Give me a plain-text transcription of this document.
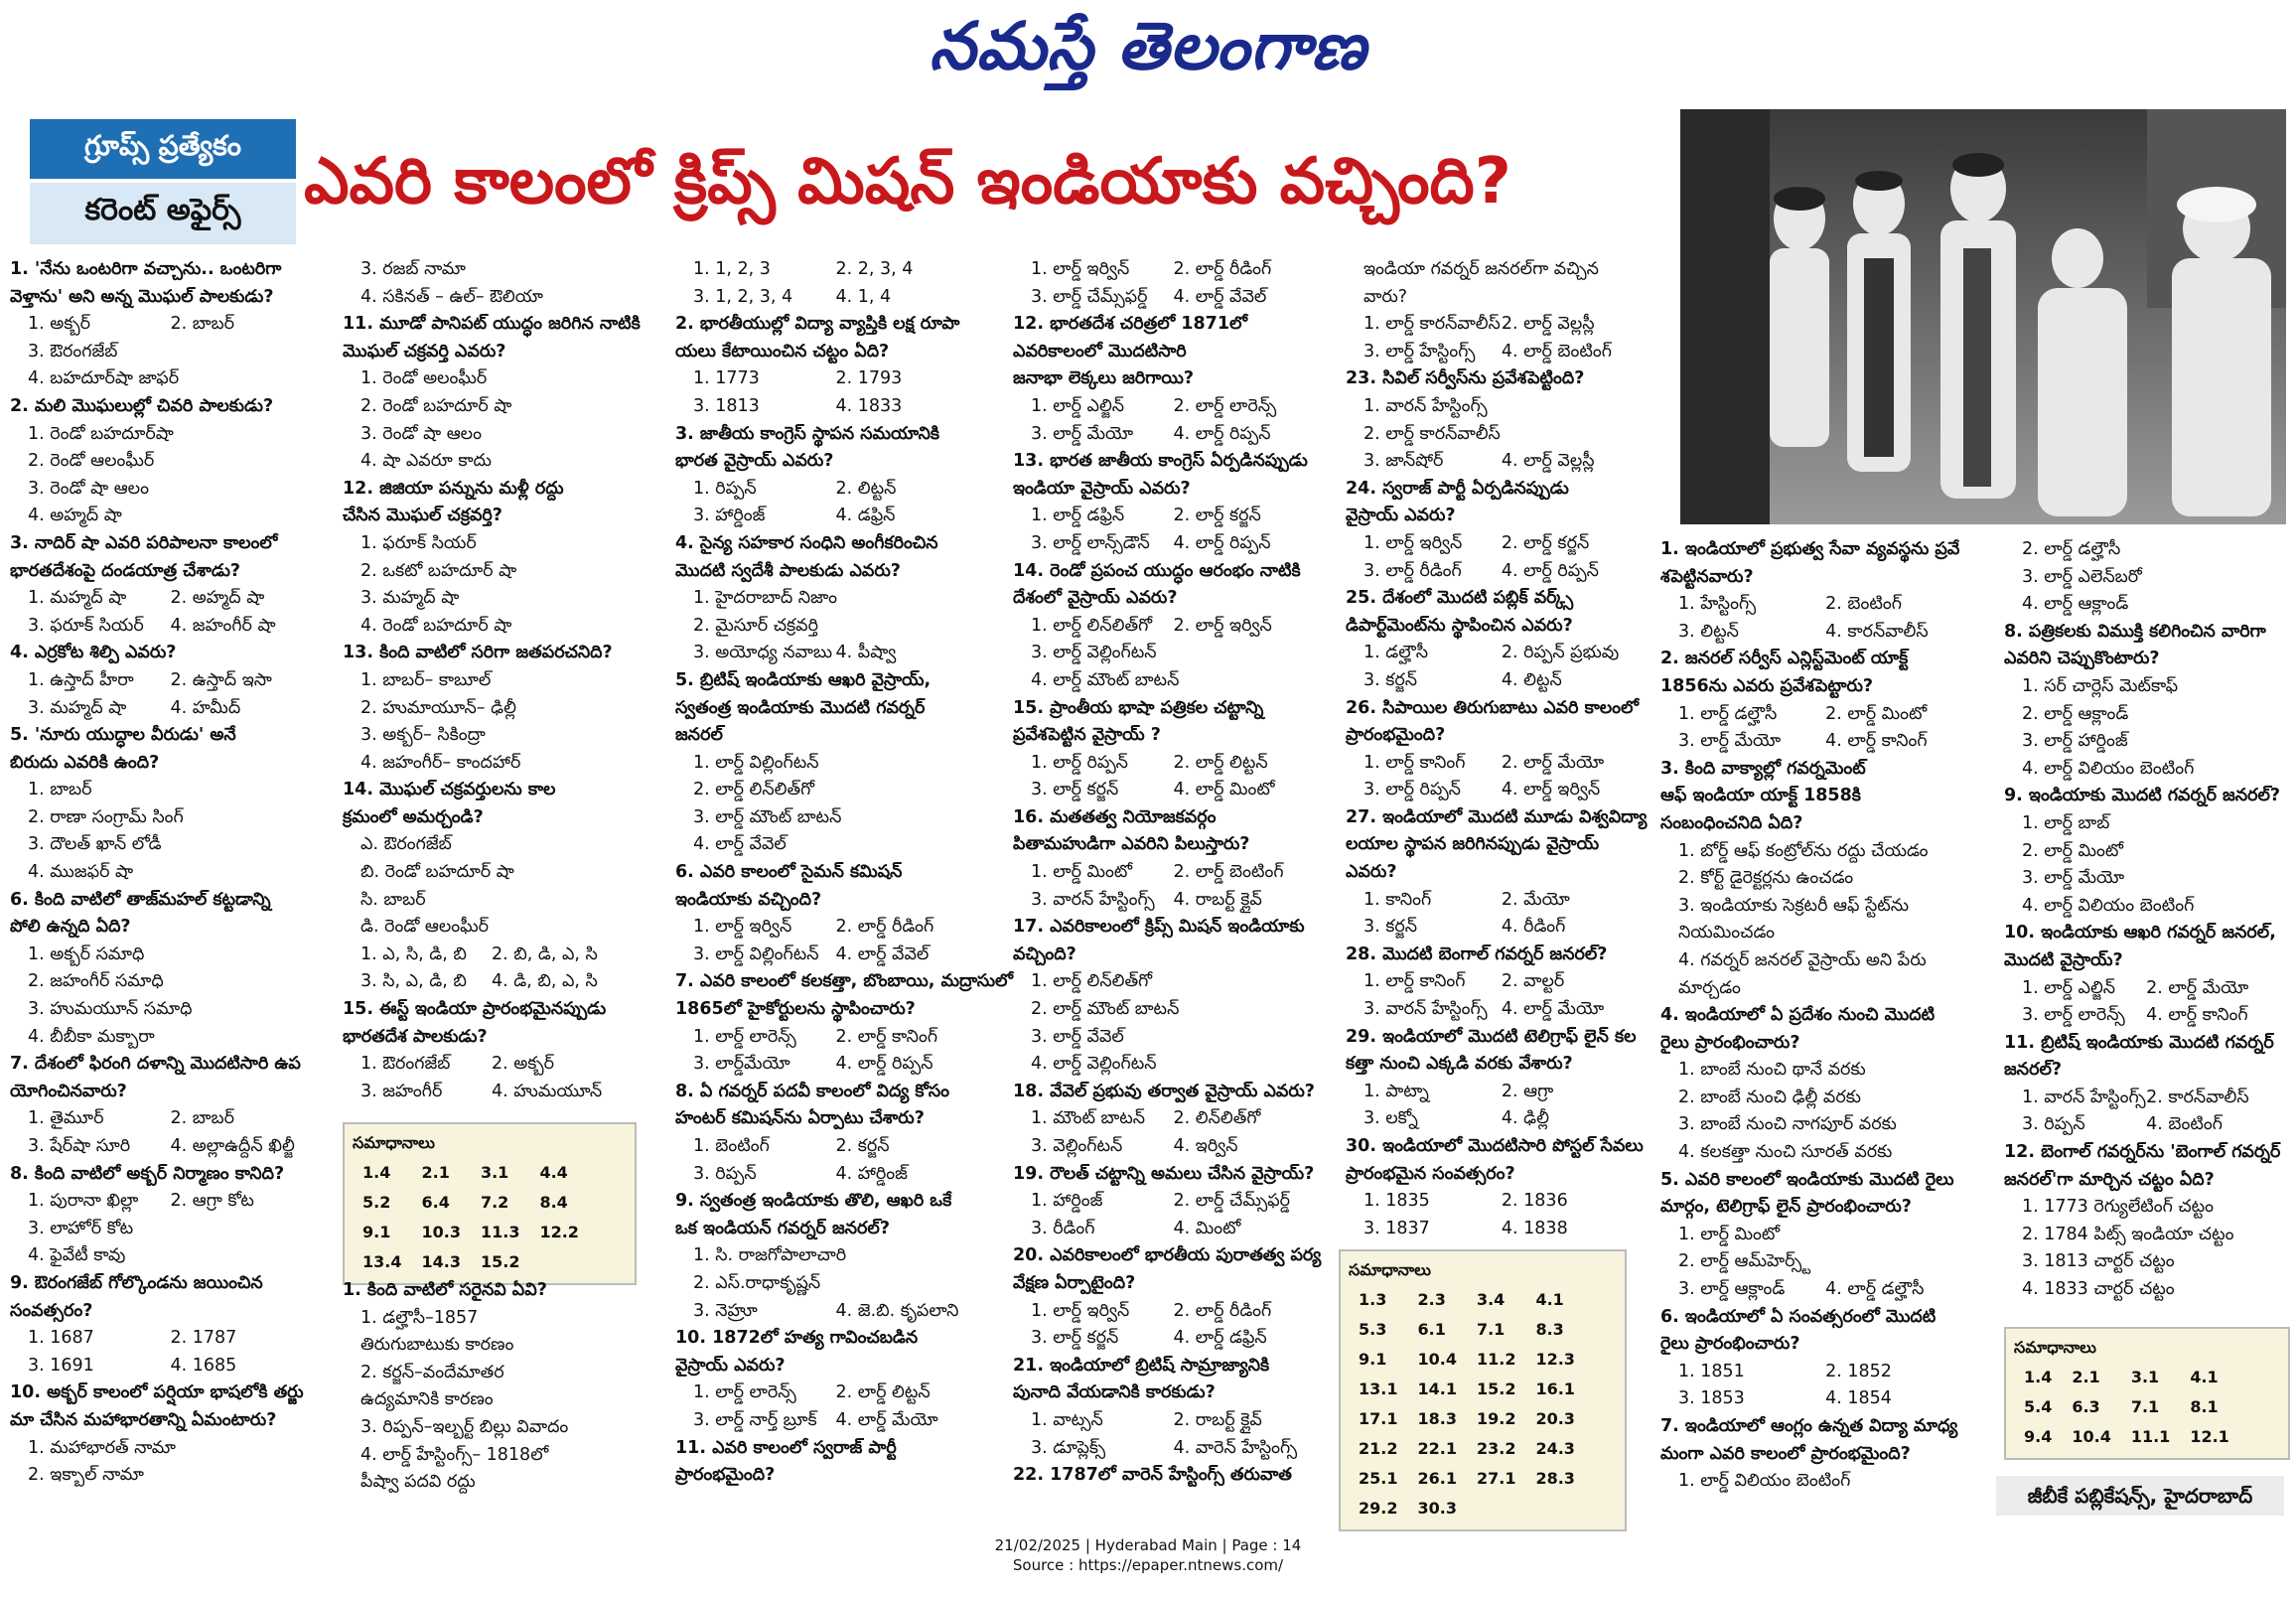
నమస్తే తెలంగాణ
గ్రూప్స్ ప్రత్యేకం
కరెంట్ అఫైర్స్ ఎవరి కాలంలో క్రిప్స్ మిషన్ ఇండియాకు వచ్చింది?

1. 'నేను ఒంటరిగా వచ్చాను.. ఒంటరిగా

వెళ్తాను' అని అన్న మొఘల్ పాలకుడు?

1. అక్బర్	2. బాబర్

3. ఔరంగజేబ్

4. బహదూర్‌షా జాఫర్

2. మలి మొఘలుల్లో చివరి పాలకుడు?

1. రెండో బహదూర్‌షా

2. రెండో ఆలంఘీర్

3. రెండో షా ఆలం

4. అహ్మద్ షా

3. నాదిర్ షా ఎవరి పరిపాలనా కాలంలో

భారతదేశంపై దండయాత్ర చేశాడు?

1. మహ్మద్ షా	2. అహ్మద్ షా

3. ఫరూక్ సియర్ 4. జహంగీర్ షా

4. ఎర్రకోట శిల్పి ఎవరు?

1. ఉస్తాద్ హీరా 2. ఉస్తాద్ ఇసా

3. మహ్మద్ షా	4. హమీద్

5. 'నూరు యుద్ధాల వీరుడు' అనే

బిరుదు ఎవరికి ఉంది?

1. బాబర్

2. రాణా సంగ్రామ్ సింగ్

3. దౌలత్ ఖాన్ లోడీ

4. ముజఫర్ షా

6. కింది వాటిలో తాజ్‌మహల్ కట్టడాన్ని

పోలి ఉన్నది ఏది?

1. అక్బర్ సమాధి

2. జహంగీర్ సమాధి

3. హుమయూన్ సమాధి

4. బీబీకా మక్బారా

7. దేశంలో ఫిరంగి దళాన్ని మొదటిసారి ఉప

యోగించినవారు?

1. తైమూర్	2. బాబర్

3. షేర్‌షా సూరి 4. అల్లాఉద్దీన్ ఖిల్జీ

8. కింది వాటిలో అక్బర్ నిర్మాణం కానిది?

1. పురానా ఖిల్లా 2. ఆగ్రా కోట

3. లాహోర్ కోట

4. ఫైవేటీ కావు

9. ఔరంగజేబ్ గోల్కొండను జయించిన

సంవత్సరం?

1. 1687	2. 1787

3. 1691	4. 1685

10. అక్బర్ కాలంలో పర్షియా భాషలోకి తర్జు

మా చేసిన మహాభారతాన్ని ఏమంటారు?

1. మహాభారత్ నామా

2. ఇక్బాల్ నామా

3. రజబ్ నామా

4. సకినత్ – ఉల్– ఔలియా

11. మూడో పానిపట్ యుద్ధం జరిగిన నాటికి

మొఘల్ చక్రవర్తి ఎవరు?

1. రెండో అలంఘీర్

2. రెండో బహదూర్ షా

3. రెండో షా ఆలం

4. షా ఎవరూ కాదు

12. జిజియా పన్నును మళ్లీ రద్దు

చేసిన మొఘల్ చక్రవర్తి?

1. ఫరూక్ సియర్

2. ఒకటో బహదూర్ షా

3. మహ్మద్ షా

4. రెండో బహదూర్ షా

13. కింది వాటిలో సరిగా జతపరచనిది?

1. బాబర్– కాబూల్

2. హుమాయూన్– ఢిల్లీ

3. అక్బర్– సికింద్రా

4. జహంగీర్– కాందహార్

14. మొఘల్ చక్రవర్తులను కాల

క్రమంలో అమర్చండి?

ఎ. ఔరంగజేబ్

బి. రెండో బహదూర్ షా

సి. బాబర్

డి. రెండో ఆలంఘీర్

1. ఎ, సి, డి, బి 2. బి, డి, ఎ, సి

3. సి, ఎ, డి, బి 4. డి, బి, ఎ, సి

15. ఈస్ట్ ఇండియా ప్రారంభమైనప్పుడు

భారతదేశ పాలకుడు?

1. ఔరంగజేబ్ 2. అక్బర్

3. జహంగీర్	4. హుమయూన్

సమాధానాలు
1.4	2.1	3.1	4.4
5.2	6.4	7.2	8.4
9.1	10.3	11.3	12.2
13.4	14.3	15.2	

1. కింది వాటిలో సరైనవి ఏవి?

1. డల్హౌసీ–1857

తిరుగుబాటుకు కారణం

2. కర్జన్–వందేమాతర

ఉద్యమానికి కారణం

3. రిప్పన్–ఇల్బర్ట్ బిల్లు వివాదం

4. లార్డ్ హేస్టింగ్స్– 1818లో

పీష్వా పదవి రద్దు

1. 1, 2, 3	2. 2, 3, 4

3. 1, 2, 3, 4 4. 1, 4

2. భారతీయుల్లో విద్యా వ్యాప్తికి లక్ష రూపా

యలు కేటాయించిన చట్టం ఏది?

1. 1773	2. 1793

3. 1813	4. 1833

3. జాతీయ కాంగ్రెస్ స్థాపన సమయానికి

భారత వైస్రాయ్ ఎవరు?

1. రిప్పన్	2. లిట్టన్

3. హార్డింజ్	4. డఫ్రిన్

4. సైన్య సహకార సంధిని అంగీకరించిన

మొదటి స్వదేశీ పాలకుడు ఎవరు?

1. హైదరాబాద్ నిజాం

2. మైసూర్ చక్రవర్తి

3. అయోధ్య నవాబు 4. పీష్వా

5. బ్రిటిష్ ఇండియాకు ఆఖరి వైస్రాయ్,

స్వతంత్ర ఇండియాకు మొదటి గవర్నర్

జనరల్

1. లార్డ్ విల్లింగ్‌టన్

2. లార్డ్ లిన్‌లిత్‌గో

3. లార్డ్ మౌంట్ బాటన్

4. లార్డ్ వేవెల్

6. ఎవరి కాలంలో సైమన్ కమిషన్

ఇండియాకు వచ్చింది?

1. లార్డ్ ఇర్విన్	2. లార్డ్ రీడింగ్

3. లార్డ్ విల్లింగ్‌టన్ 4. లార్డ్ వేవెల్

7. ఎవరి కాలంలో కలకత్తా, బొంబాయి, మద్రాసులో

1865లో హైకోర్టులను స్థాపించారు?

1. లార్డ్ లారెన్స్ 2. లార్డ్ కానింగ్

3. లార్డ్‌మేయో	4. లార్డ్ రిప్పన్

8. ఏ గవర్నర్ పదవీ కాలంలో విద్య కోసం

హంటర్ కమిషన్‌ను ఏర్పాటు చేశారు?

1. బెంటింగ్	2. కర్జన్

3. రిప్పన్	4. హార్డింజ్

9. స్వతంత్ర ఇండియాకు తొలి, ఆఖరి ఒకే

ఒక ఇండియన్ గవర్నర్ జనరల్?

1. సి. రాజగోపాలాచారి

2. ఎస్.రాధాకృష్ణన్

3. నెహ్రూ	4. జె.బి. కృపలాని

10. 1872లో హత్య గావించబడిన

వైస్రాయ్ ఎవరు?

1. లార్డ్ లారెన్స్ 2. లార్డ్ లిట్టన్

3. లార్డ్ నార్త్ బ్రూక్ 4. లార్డ్ మేయో

11. ఎవరి కాలంలో స్వరాజ్ పార్టీ

ప్రారంభమైంది?

1. లార్డ్ ఇర్విన్	2. లార్డ్ రీడింగ్

3. లార్డ్ చేమ్స్‌ఫర్డ్ 4. లార్డ్ వేవెల్

12. భారతదేశ చరిత్రలో 1871లో

ఎవరికాలంలో మొదటిసారి

జనాభా లెక్కలు జరిగాయి?

1. లార్డ్ ఎల్జిన్	2. లార్డ్ లారెన్స్

3. లార్డ్ మేయో 4. లార్డ్ రిప్పన్

13. భారత జాతీయ కాంగ్రెస్ ఏర్పడినప్పుడు

ఇండియా వైస్రాయ్ ఎవరు?

1. లార్డ్ డఫ్రిన్	2. లార్డ్ కర్జన్

3. లార్డ్ లాన్స్‌డౌన్ 4. లార్డ్ రిప్పన్

14. రెండో ప్రపంచ యుద్ధం ఆరంభం నాటికి

దేశంలో వైస్రాయ్ ఎవరు?

1. లార్డ్ లిన్‌లిత్‌గో 2. లార్డ్ ఇర్విన్

3. లార్డ్ వెల్లింగ్‌టన్

4. లార్డ్ మౌంట్ బాటన్

15. ప్రాంతీయ భాషా పత్రికల చట్టాన్ని

ప్రవేశపెట్టిన వైస్రాయ్ ?

1. లార్డ్ రిప్పన్	2. లార్డ్ లిట్టన్

3. లార్డ్ కర్జన్	4. లార్డ్ మింటో

16. మతతత్వ నియోజకవర్గం

పితామహుడిగా ఎవరిని పిలుస్తారు?

1. లార్డ్ మింటో 2. లార్డ్ బెంటింగ్

3. వారన్ హేస్టింగ్స్ 4. రాబర్ట్ క్లైవ్

17. ఎవరికాలంలో క్రిప్స్ మిషన్ ఇండియాకు

వచ్చింది?

1. లార్డ్ లిన్‌లిత్‌గో

2. లార్డ్ మౌంట్ బాటన్

3. లార్డ్ వేవెల్

4. లార్డ్ వెల్లింగ్‌టన్

18. వేవెల్ ప్రభువు తర్వాత వైస్రాయ్ ఎవరు?

1. మౌంట్ బాటన్ 2. లిన్‌లిత్‌గో

3. వెల్లింగ్‌టన్	4. ఇర్విన్

19. రౌలత్ చట్టాన్ని అమలు చేసిన వైస్రాయ్?

1. హార్డింజ్	2. లార్డ్ చేమ్స్‌ఫర్డ్

3. రీడింగ్	4. మింటో

20. ఎవరికాలంలో భారతీయ పురాతత్వ పర్య

వేక్షణ ఏర్పాటైంది?

1. లార్డ్ ఇర్విన్	2. లార్డ్ రీడింగ్

3. లార్డ్ కర్జన్	4. లార్డ్ డఫ్రిన్

21. ఇండియాలో బ్రిటిష్ సామ్రాజ్యానికి

పునాది వేయడానికి కారకుడు?

1. వాట్సన్	2. రాబర్ట్ క్లైవ్

3. డూప్లెక్స్	4. వారెన్ హేస్టింగ్స్

22. 1787లో వారెన్ హేస్టింగ్స్ తరువాత

ఇండియా గవర్నర్ జనరల్‌గా వచ్చిన

వారు?

1. లార్డ్ కారన్‌వాలీస్2. లార్డ్ వెల్లస్లీ

3. లార్డ్ హేస్టింగ్స్ 4. లార్డ్ బెంటింగ్

23. సివిల్ సర్వీస్‌ను ప్రవేశపెట్టింది?

1. వారన్ హేస్టింగ్స్

2. లార్డ్ కారన్‌వాలీస్

3. జాన్‌షోర్	4. లార్డ్ వెల్లస్లీ

24. స్వరాజ్ పార్టీ ఏర్పడినప్పుడు

వైస్రాయ్ ఎవరు?

1. లార్డ్ ఇర్విన్ 2. లార్డ్ కర్జన్

3. లార్డ్ రీడింగ్ 4. లార్డ్ రిప్పన్

25. దేశంలో మొదటి పబ్లిక్ వర్క్స్

డిపార్ట్‌మెంట్‌ను స్థాపించిన ఎవరు?

1. డల్హౌసీ	2. రిప్పన్ ప్రభువు

3. కర్జన్	4. లిట్టన్

26. సిపాయిల తిరుగుబాటు ఎవరి కాలంలో

ప్రారంభమైంది?

1. లార్డ్ కానింగ్ 2. లార్డ్ మేయో

3. లార్డ్ రిప్పన్ 4. లార్డ్ ఇర్విన్

27. ఇండియాలో మొదటి మూడు విశ్వవిద్యా

లయాల స్థాపన జరిగినప్పుడు వైస్రాయ్

ఎవరు?

1. కానింగ్	2. మేయో

3. కర్జన్	4. రీడింగ్

28. మొదటి బెంగాల్ గవర్నర్ జనరల్?

1. లార్డ్ కానింగ్ 2. వాల్టర్

3. వారన్ హేస్టింగ్స్ 4. లార్డ్ మేయో

29. ఇండియాలో మొదటి టెలిగ్రాఫ్ లైన్ కల

కత్తా నుంచి ఎక్కడి వరకు వేశారు?

1. పాట్నా	2. ఆగ్రా

3. లక్నో	4. ఢిల్లీ

30. ఇండియాలో మొదటిసారి పోస్టల్ సేవలు

ప్రారంభమైన సంవత్సరం?

1. 1835	2. 1836

3. 1837	4. 1838

సమాధానాలు
1.3	2.3	3.4	4.1
5.3	6.1	7.1	8.3
9.1	10.4	11.2	12.3
13.1	14.1	15.2	16.1
17.1	18.3	19.2	20.3
21.2	22.1	23.2	24.3
25.1	26.1	27.1	28.3
29.2	30.3		

1. ఇండియాలో ప్రభుత్వ సేవా వ్యవస్థను ప్రవే

శపెట్టినవారు?

1. హేస్టింగ్స్	2. బెంటింగ్

3. లిట్టన్	4. కారన్‌వాలీస్

2. జనరల్ సర్వీస్ ఎన్లిస్ట్‌మెంట్ యాక్ట్

1856ను ఎవరు ప్రవేశపెట్టారు?

1. లార్డ్ డల్హౌసీ	2. లార్డ్ మింటో

3. లార్డ్ మేయో	4. లార్డ్ కానింగ్

3. కింది వాక్యాల్లో గవర్నమెంట్

ఆఫ్ ఇండియా యాక్ట్ 1858కి

సంబంధించనిది ఏది?

1. బోర్డ్ ఆఫ్ కంట్రోల్‌ను రద్దు చేయడం

2. కోర్ట్ డైరెక్టర్లను ఉంచడం

3. ఇండియాకు సెక్రటరీ ఆఫ్ స్టేట్‌ను

నియమించడం

4. గవర్నర్ జనరల్ వైస్రాయ్ అని పేరు

మార్చడం

4. ఇండియాలో ఏ ప్రదేశం నుంచి మొదటి

రైలు ప్రారంభించారు?

1. బాంబే నుంచి థానే వరకు

2. బాంబే నుంచి ఢిల్లీ వరకు

3. బాంబే నుంచి నాగపూర్ వరకు

4. కలకత్తా నుంచి సూరత్ వరకు

5. ఎవరి కాలంలో ఇండియాకు మొదటి రైలు

మార్గం, టెలిగ్రాఫ్ లైన్ ప్రారంభించారు?

1. లార్డ్ మింటో

2. లార్డ్ ఆమ్‌హెర్స్ట్

3. లార్డ్ ఆక్లాండ్ 4. లార్డ్ డల్హౌసీ

6. ఇండియాలో ఏ సంవత్సరంలో మొదటి

రైలు ప్రారంభించారు?

1. 1851	2. 1852

3. 1853	4. 1854

7. ఇండియాలో ఆంగ్లం ఉన్నత విద్యా మాధ్య

మంగా ఎవరి కాలంలో ప్రారంభమైంది?

1. లార్డ్ విలియం బెంటింగ్

2. లార్డ్ డల్హౌసీ

3. లార్డ్ ఎలెన్‌బరో

4. లార్డ్ ఆక్లాండ్

8. పత్రికలకు విముక్తి కలిగించిన వారిగా

ఎవరిని చెప్పుకొంటారు?

1. సర్ చార్లెస్ మెట్‌కాఫ్

2. లార్డ్ ఆక్లాండ్

3. లార్డ్ హార్డింజ్

4. లార్డ్ విలియం బెంటింగ్

9. ఇండియాకు మొదటి గవర్నర్ జనరల్?

1. లార్డ్ బాబ్

2. లార్డ్ మింటో

3. లార్డ్ మేయో

4. లార్డ్ విలియం బెంటింగ్

10. ఇండియాకు ఆఖరి గవర్నర్ జనరల్,

మొదటి వైస్రాయ్?

1. లార్డ్ ఎల్జిన్ 2. లార్డ్ మేయో

3. లార్డ్ లారెన్స్ 4. లార్డ్ కానింగ్

11. బ్రిటిష్ ఇండియాకు మొదటి గవర్నర్

జనరల్?

1. వారన్ హేస్టింగ్స్2. కారన్‌వాలీస్

3. రిప్పన్	4. బెంటింగ్

12. బెంగాల్ గవర్నర్‌ను 'బెంగాల్ గవర్నర్

జనరల్'గా మార్చిన చట్టం ఏది?

1. 1773 రెగ్యులేటింగ్ చట్టం

2. 1784 పిట్స్ ఇండియా చట్టం

3. 1813 చార్టర్ చట్టం

4. 1833 చార్టర్ చట్టం

సమాధానాలు
1.4	2.1	3.1	4.1
5.4	6.3	7.1	8.1
9.4	10.4	11.1	12.1
జీబీకే పబ్లికేషన్స్, హైదరాబాద్
21/02/2025 | Hyderabad Main | Page : 14
Source : https://epaper.ntnews.com/
